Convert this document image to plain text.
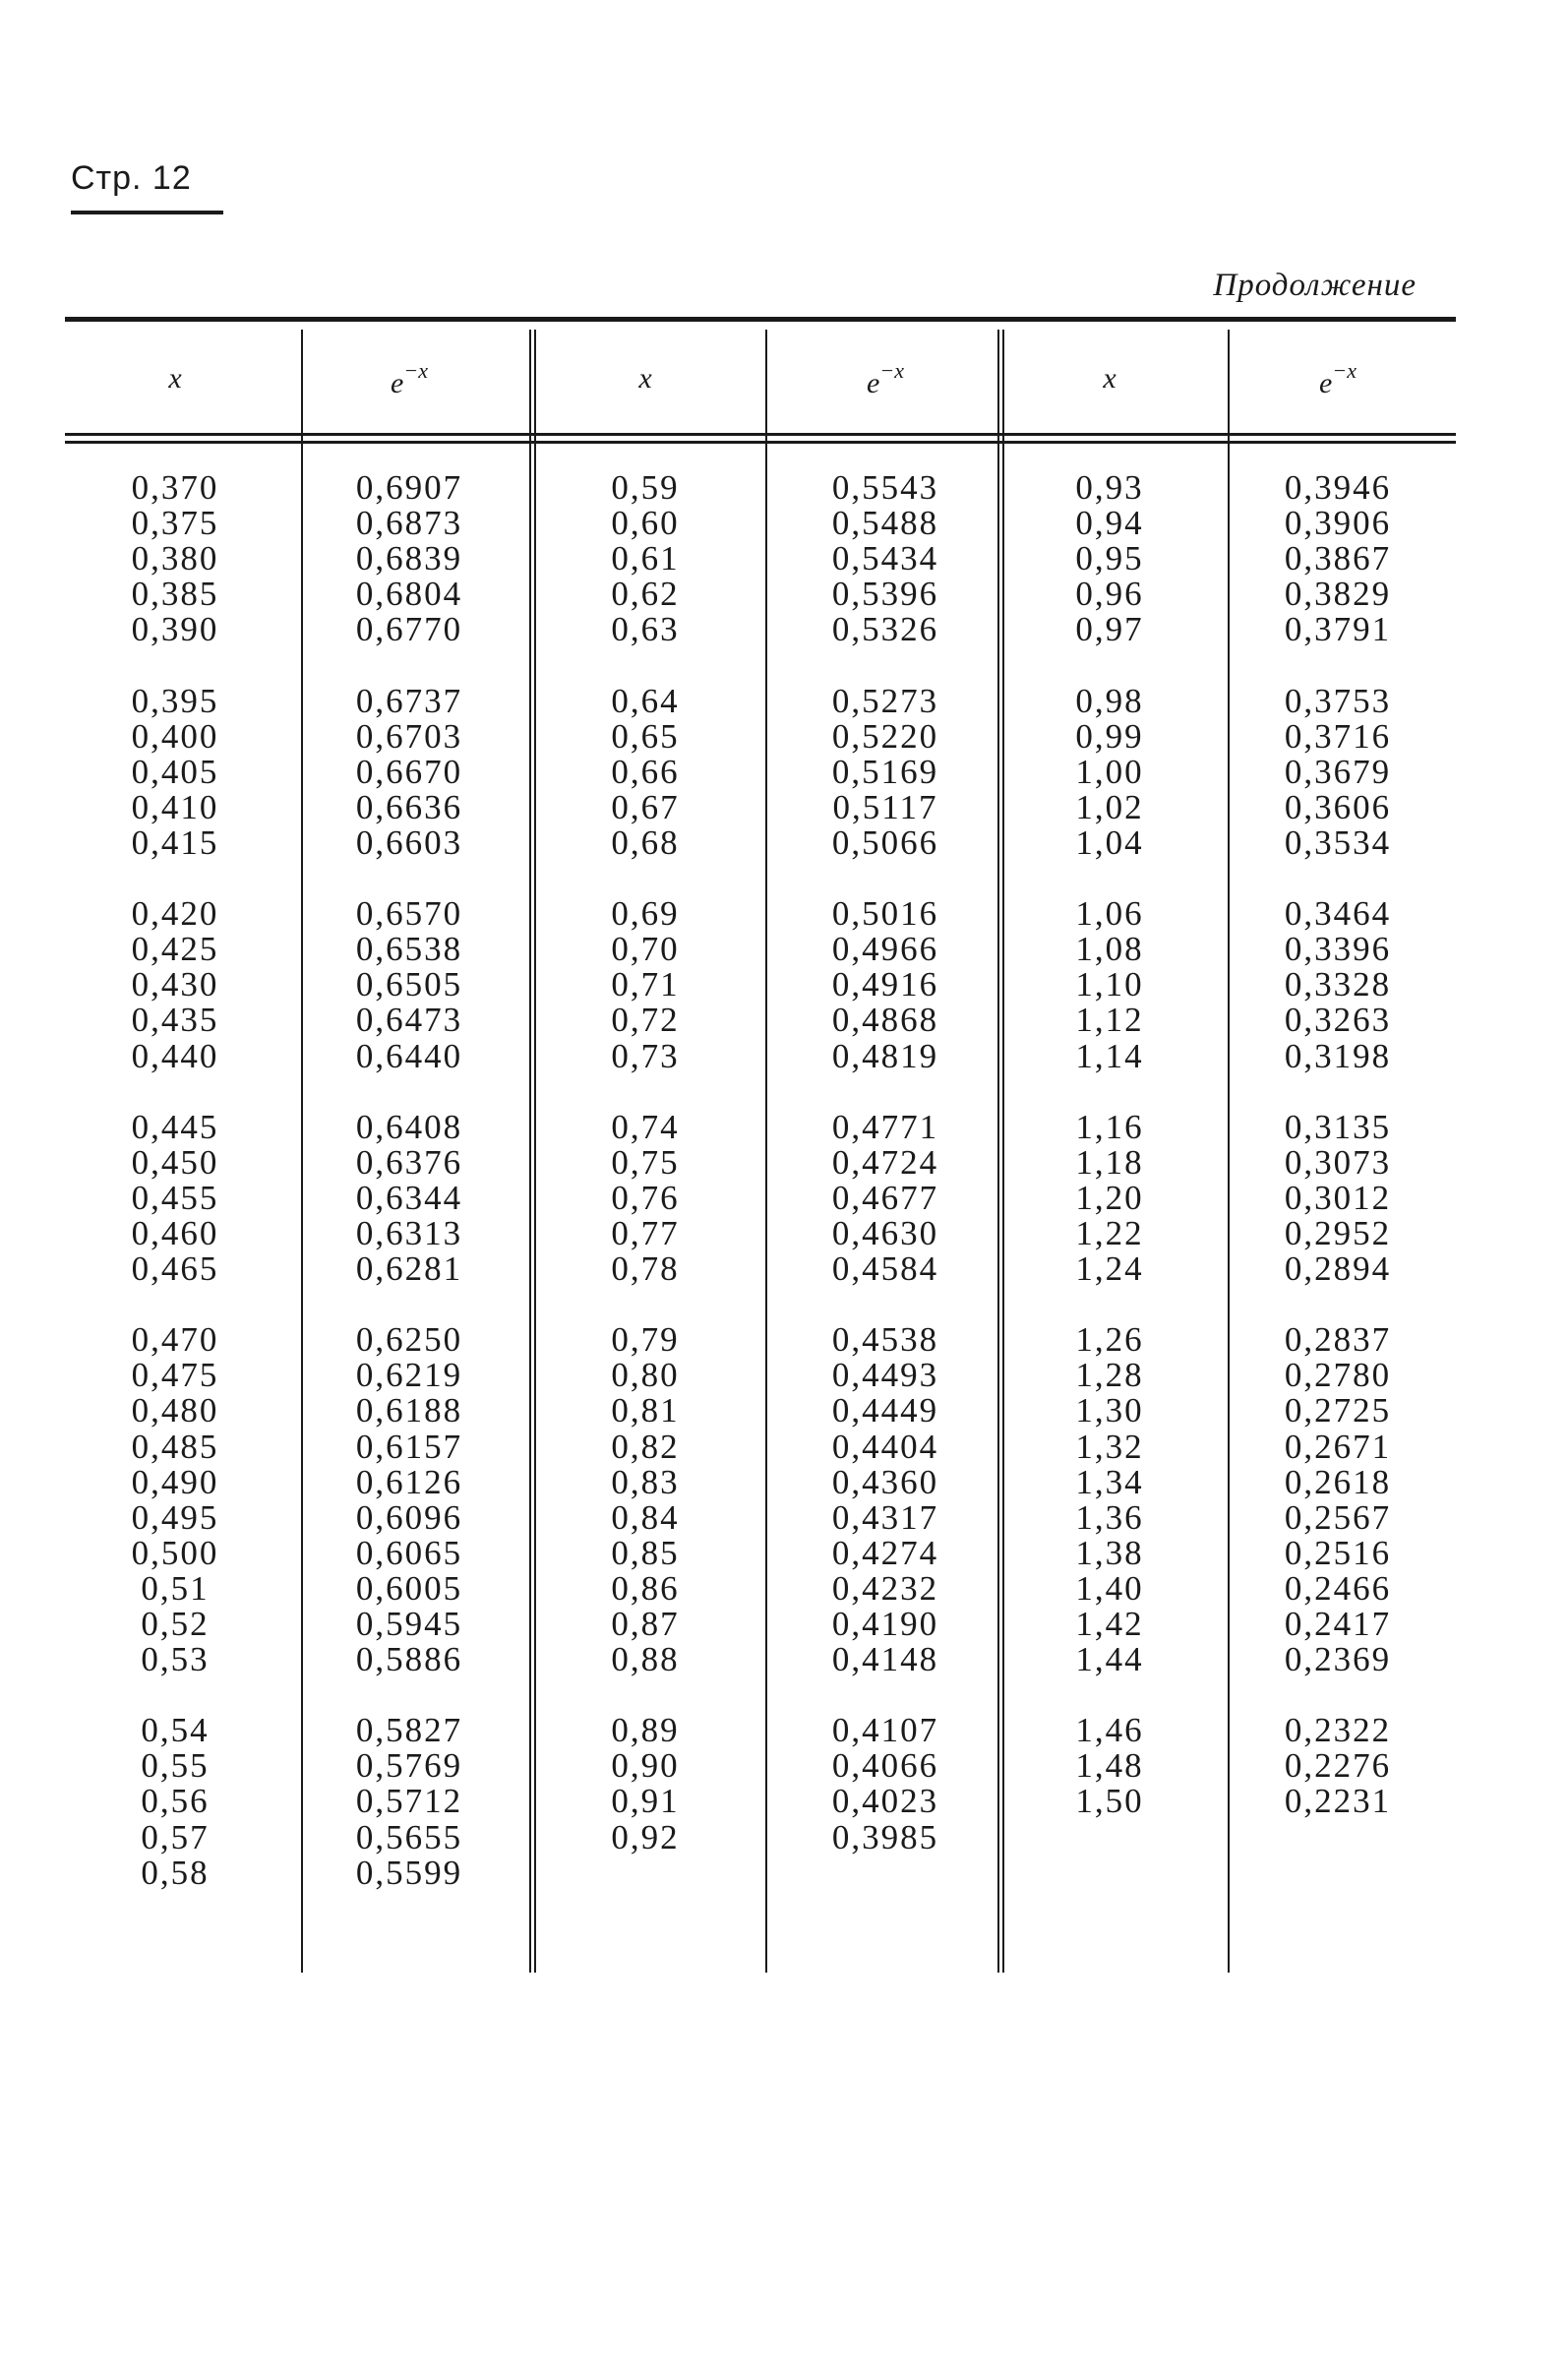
Стр. 12
Продолжение
x
0,370
0,375
0,380
0,385
0,390
0,395
0,400
0,405
0,410
0,415
0,420
0,425
0,430
0,435
0,440
0,445
0,450
0,455
0,460
0,465
0,470
0,475
0,480
0,485
0,490
0,495
0,500
0,51
0,52
0,53
0,54
0,55
0,56
0,57
0,58
$e^{-x}$
0,6907
0,6873
0,6839
0,6804
0,6770
0,6737
0,6703
0,6670
0,6636
0,6603
0,6570
0,6538
0,6505
0,6473
0,6440
0,6408
0,6376
0,6344
0,6313
0,6281
0,6250
0,6219
0,6188
0,6157
0,6126
0,6096
0,6065
0,6005
0,5945
0,5886
0,5827
0,5769
0,5712
0,5655
0,5599
x
0,59
0,60
0,61
0,62
0,63
0,64
0,65
0,66
0,67
0,68
0,69
0,70
0,71
0,72
0,73
0,74
0,75
0,76
0,77
0,78
0,79
0,80
0,81
0,82
0,83
0,84
0,85
0,86
0,87
0,88
0,89
0,90
0,91
0,92
$e^{-x}$
0,5543
0,5488
0,5434
0,5396
0,5326
0,5273
0,5220
0,5169
0,5117
0,5066
0,5016
0,4966
0,4916
0,4868
0,4819
0,4771
0,4724
0,4677
0,4630
0,4584
0,4538
0,4493
0,4449
0,4404
0,4360
0,4317
0,4274
0,4232
0,4190
0,4148
0,4107
0,4066
0,4023
0,3985
x
0,93
0,94
0,95
0,96
0,97
0,98
0,99
1,00
1,02
1,04
1,06
1,08
1,10
1,12
1,14
1,16
1,18
1,20
1,22
1,24
1,26
1,28
1,30
1,32
1,34
1,36
1,38
1,40
1,42
1,44
1,46
1,48
1,50
$e^{-x}$
0,3946
0,3906
0,3867
0,3829
0,3791
0,3753
0,3716
0,3679
0,3606
0,3534
0,3464
0,3396
0,3328
0,3263
0,3198
0,3135
0,3073
0,3012
0,2952
0,2894
0,2837
0,2780
0,2725
0,2671
0,2618
0,2567
0,2516
0,2466
0,2417
0,2369
0,2322
0,2276
0,2231
